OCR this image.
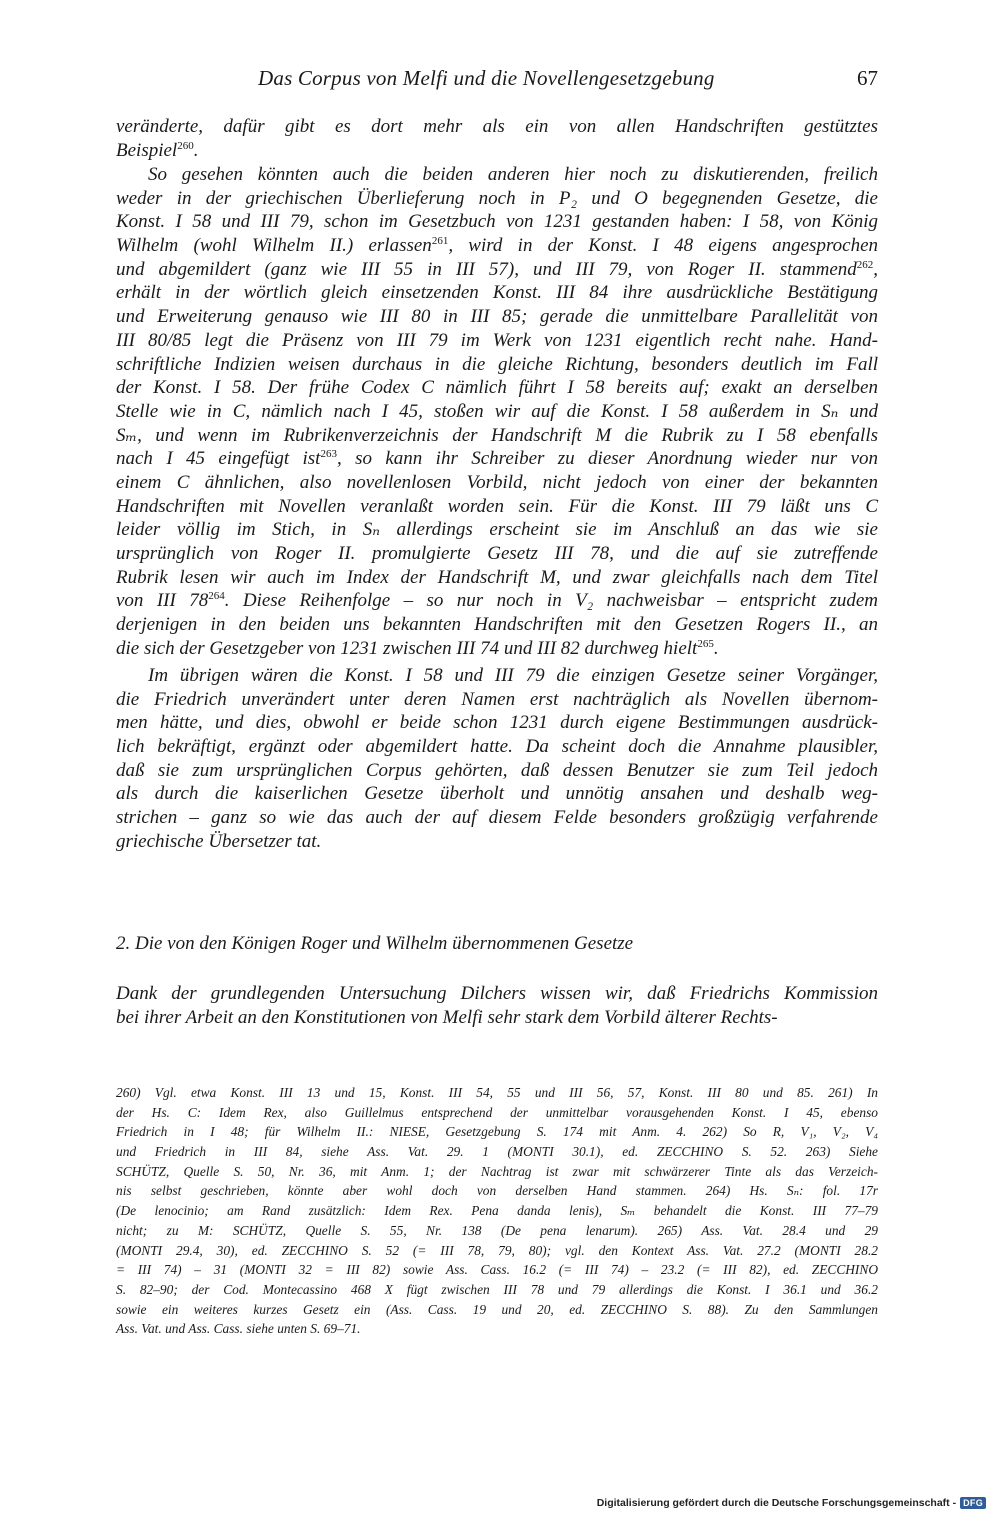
Das Corpus von Melfi und die Novellengesetzgebung	67
veränderte, dafür gibt es dort mehr als ein von allen Handschriften gestütztes
Beispiel$^{260}$.
So gesehen könnten auch die beiden anderen hier noch zu diskutierenden, freilich
weder in der griechischen Überlieferung noch in P₂ und O begegnenden Gesetze, die
Konst. I 58 und III 79, schon im Gesetzbuch von 1231 gestanden haben: I 58, von König
Wilhelm (wohl Wilhelm II.) erlassen$^{261}$, wird in der Konst. I 48 eigens angesprochen
und abgemildert (ganz wie III 55 in III 57), und III 79, von Roger II. stammend$^{262}$,
erhält in der wörtlich gleich einsetzenden Konst. III 84 ihre ausdrückliche Bestätigung
und Erweiterung genauso wie III 80 in III 85; gerade die unmittelbare Parallelität von
III 80/85 legt die Präsenz von III 79 im Werk von 1231 eigentlich recht nahe. Hand-
schriftliche Indizien weisen durchaus in die gleiche Richtung, besonders deutlich im Fall
der Konst. I 58. Der frühe Codex C nämlich führt I 58 bereits auf; exakt an derselben
Stelle wie in C, nämlich nach I 45, stoßen wir auf die Konst. I 58 außerdem in Sₙ und
Sₘ, und wenn im Rubrikenverzeichnis der Handschrift M die Rubrik zu I 58 ebenfalls
nach I 45 eingefügt ist$^{263}$, so kann ihr Schreiber zu dieser Anordnung wieder nur von
einem C ähnlichen, also novellenlosen Vorbild, nicht jedoch von einer der bekannten
Handschriften mit Novellen veranlaßt worden sein. Für die Konst. III 79 läßt uns C
leider völlig im Stich, in Sₙ allerdings erscheint sie im Anschluß an das wie sie
ursprünglich von Roger II. promulgierte Gesetz III 78, und die auf sie zutreffende
Rubrik lesen wir auch im Index der Handschrift M, und zwar gleichfalls nach dem Titel
von III $78^{264}$. Diese Reihenfolge – so nur noch in V₂ nachweisbar – entspricht zudem
derjenigen in den beiden uns bekannten Handschriften mit den Gesetzen Rogers II., an
die sich der Gesetzgeber von 1231 zwischen III 74 und III 82 durchweg hielt$^{265}$.
Im übrigen wären die Konst. I 58 und III 79 die einzigen Gesetze seiner Vorgänger,
die Friedrich unverändert unter deren Namen erst nachträglich als Novellen übernom-
men hätte, und dies, obwohl er beide schon 1231 durch eigene Bestimmungen ausdrück-
lich bekräftigt, ergänzt oder abgemildert hatte. Da scheint doch die Annahme plausibler,
daß sie zum ursprünglichen Corpus gehörten, daß dessen Benutzer sie zum Teil jedoch
als durch die kaiserlichen Gesetze überholt und unnötig ansahen und deshalb weg-
strichen – ganz so wie das auch der auf diesem Felde besonders großzügig verfahrende
griechische Übersetzer tat.
2. Die von den Königen Roger und Wilhelm übernommenen Gesetze
Dank der grundlegenden Untersuchung Dilchers wissen wir, daß Friedrichs Kommission
bei ihrer Arbeit an den Konstitutionen von Melfi sehr stark dem Vorbild älterer Rechts-
260) Vgl. etwa Konst. III 13 und 15, Konst. III 54, 55 und III 56, 57, Konst. III 80 und 85. 261) In
der Hs. C: Idem Rex, also Guillelmus entsprechend der unmittelbar vorausgehenden Konst. I 45, ebenso
Friedrich in I 48; für Wilhelm II.: NIESE, Gesetzgebung S. 174 mit Anm. 4. 262) So R, V₁, V₂, V₄
und Friedrich in III 84, siehe Ass. Vat. 29. 1 (MONTI 30.1), ed. ZECCHINO S. 52. 263) Siehe
SCHÜTZ, Quelle S. 50, Nr. 36, mit Anm. 1; der Nachtrag ist zwar mit schwärzerer Tinte als das Verzeich-
nis selbst geschrieben, könnte aber wohl doch von derselben Hand stammen. 264) Hs. Sₙ: fol. 17r
(De lenocinio; am Rand zusätzlich: Idem Rex. Pena danda lenis), Sₘ behandelt die Konst. III 77–79
nicht; zu M: SCHÜTZ, Quelle S. 55, Nr. 138 (De pena lenarum). 265) Ass. Vat. 28.4 und 29
(MONTI 29.4, 30), ed. ZECCHINO S. 52 (= III 78, 79, 80); vgl. den Kontext Ass. Vat. 27.2 (MONTI 28.2
= III 74) – 31 (MONTI 32 = III 82) sowie Ass. Cass. 16.2 (= III 74) – 23.2 (= III 82), ed. ZECCHINO
S. 82–90; der Cod. Montecassino 468 X fügt zwischen III 78 und 79 allerdings die Konst. I 36.1 und 36.2
sowie ein weiteres kurzes Gesetz ein (Ass. Cass. 19 und 20, ed. ZECCHINO S. 88). Zu den Sammlungen
Ass. Vat. und Ass. Cass. siehe unten S. 69–71.
Digitalisierung gefördert durch die Deutsche Forschungsgemeinschaft - DFG
